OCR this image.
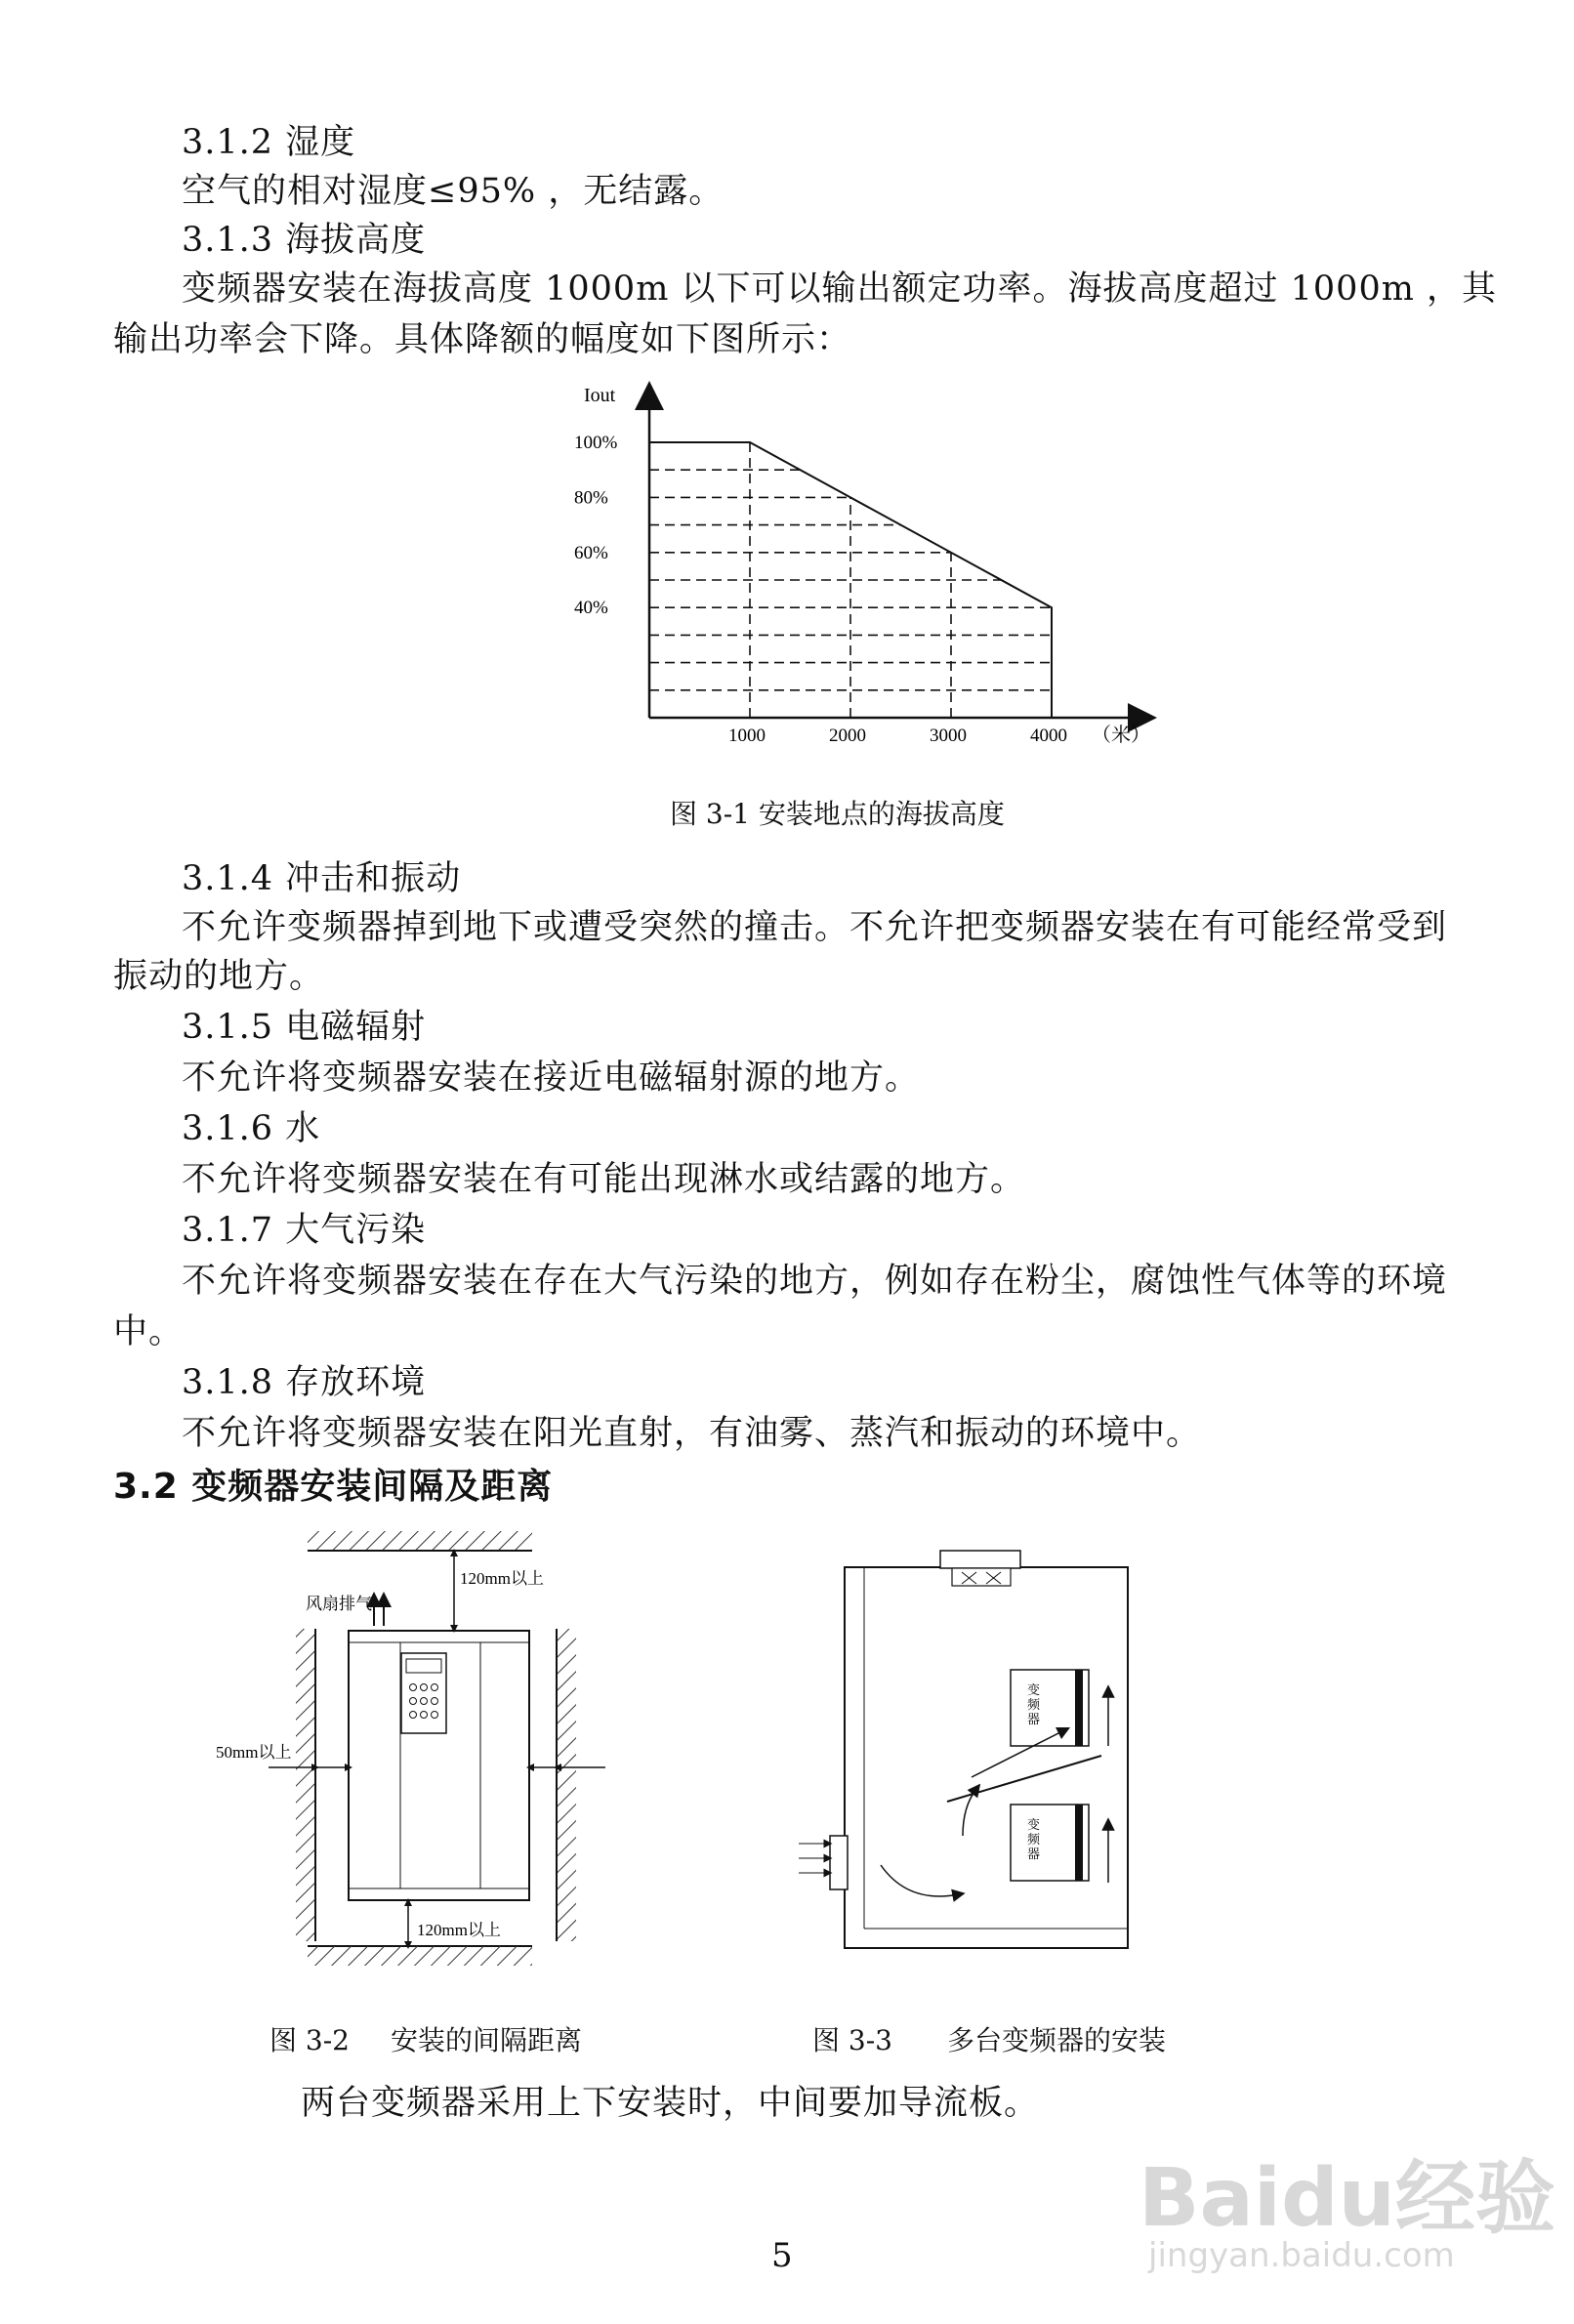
3.1.2 湿度
空气的相对湿度≤95% ，无结露。
3.1.3 海拔高度
变频器安装在海拔高度 1000m 以下可以输出额定功率。海拔高度超过 1000m ，其
输出功率会下降。具体降额的幅度如下图所示：
Iout
100%
80%
60%
40%
1000	2000	3000	4000 （米）
图 3-1 安装地点的海拔高度
3.1.4 冲击和振动
不允许变频器掉到地下或遭受突然的撞击。不允许把变频器安装在有可能经常受到
振动的地方。
3.1.5 电磁辐射
不允许将变频器安装在接近电磁辐射源的地方。
3.1.6 水
不允许将变频器安装在有可能出现淋水或结露的地方。
3.1.7 大气污染
不允许将变频器安装在存在大气污染的地方，例如存在粉尘，腐蚀性气体等的环境
中。
3.1.8 存放环境
不允许将变频器安装在阳光直射，有油雾、蒸汽和振动的环境中。
3.2 变频器安装间隔及距离
风扇排气
120mm以上
50mm以上
120mm以上
变
频
器
变
频
器
图 3-2 安装的间隔距离	图 3-3 多台变频器的安装
两台变频器采用上下安装时，中间要加导流板。
5
Baidu经验
jingyan.baidu.com
